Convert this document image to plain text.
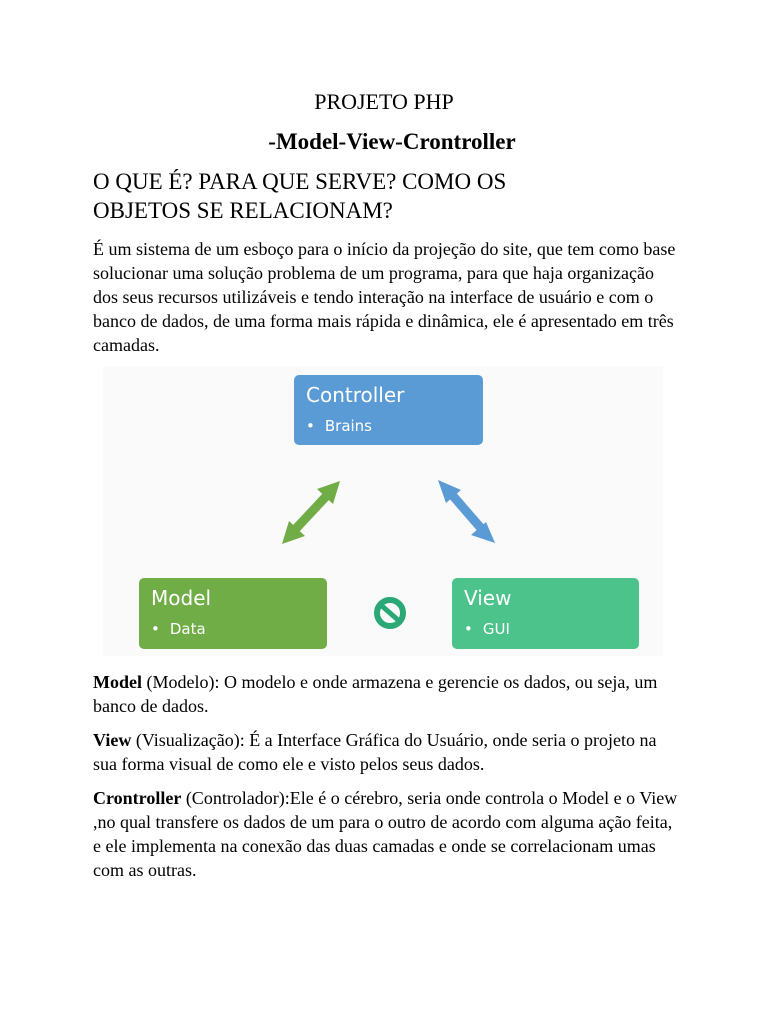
PROJETO PHP
-Model-View-Crontroller
O QUE É? PARA QUE SERVE? COMO OS
OBJETOS SE RELACIONAM?

É um sistema de um esboço para o início da projeção do site, que tem como base solucionar uma solução problema de um programa, para que haja organização dos seus recursos utilizáveis e tendo interação na interface de usuário e com o banco de dados, de uma forma mais rápida e dinâmica, ele é apresentado em três camadas.

Controller
• Brains
Model
• Data
View
• GUI

Model (Modelo): O modelo e onde armazena e gerencie os dados, ou seja, um banco de dados.

View (Visualização): É a Interface Gráfica do Usuário, onde seria o projeto na sua forma visual de como ele e visto pelos seus dados.

Crontroller (Controlador):Ele é o cérebro, seria onde controla o Model e o View ,no qual transfere os dados de um para o outro de acordo com alguma ação feita, e ele implementa na conexão das duas camadas e onde se correlacionam umas com as outras.
